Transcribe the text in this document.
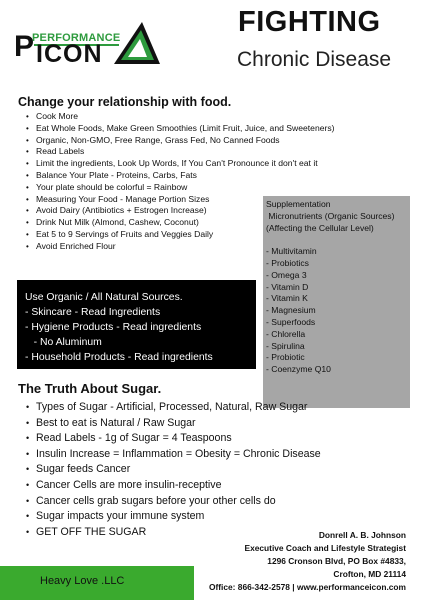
PERFORMANCE
P ICON
FIGHTING
Chronic Disease
Change your relationship with food.
• Cook More
• Eat Whole Foods, Make Green Smoothies (Limit Fruit, Juice, and Sweeteners)
• Organic, Non-GMO, Free Range, Grass Fed, No Canned Foods
• Read Labels
• Limit the ingredients, Look Up Words, If You Can't Pronounce it don't eat it
• Balance Your Plate - Proteins, Carbs, Fats
• Your plate should be colorful = Rainbow
• Measuring Your Food - Manage Portion Sizes
• Avoid Dairy (Antibiotics + Estrogen Increase)
• Drink Nut Milk (Almond, Cashew, Coconut)
• Eat 5 to 9 Servings of Fruits and Veggies Daily
• Avoid Enriched Flour
Supplementation
Micronutrients (Organic Sources)
(Affecting the Cellular Level)
- Multivitamin
- Probiotics
- Omega 3
- Vitamin D
- Vitamin K
- Magnesium
- Superfoods
- Chlorella
- Spirulina
- Probiotic
- Coenzyme Q10
Use Organic / All Natural Sources.
- Skincare - Read Ingredients
- Hygiene Products - Read ingredients
- No Aluminum
- Household Products - Read ingredients
The Truth About Sugar.
• Types of Sugar - Artificial, Processed, Natural, Raw Sugar
• Best to eat is Natural / Raw Sugar
• Read Labels - 1g of Sugar = 4 Teaspoons
• Insulin Increase = Inflammation = Obesity = Chronic Disease
• Sugar feeds Cancer
• Cancer Cells are more insulin-receptive
• Cancer cells grab sugars before your other cells do
• Sugar impacts your immune system
• GET OFF THE SUGAR	Donrell A. B. Johnson
Executive Coach and Lifestyle Strategist
1296 Cronson Blvd, PO Box #4833,
Crofton, MD 21114
Office: 866-342-2578 | www.performanceicon.com
Heavy Love .LLC
